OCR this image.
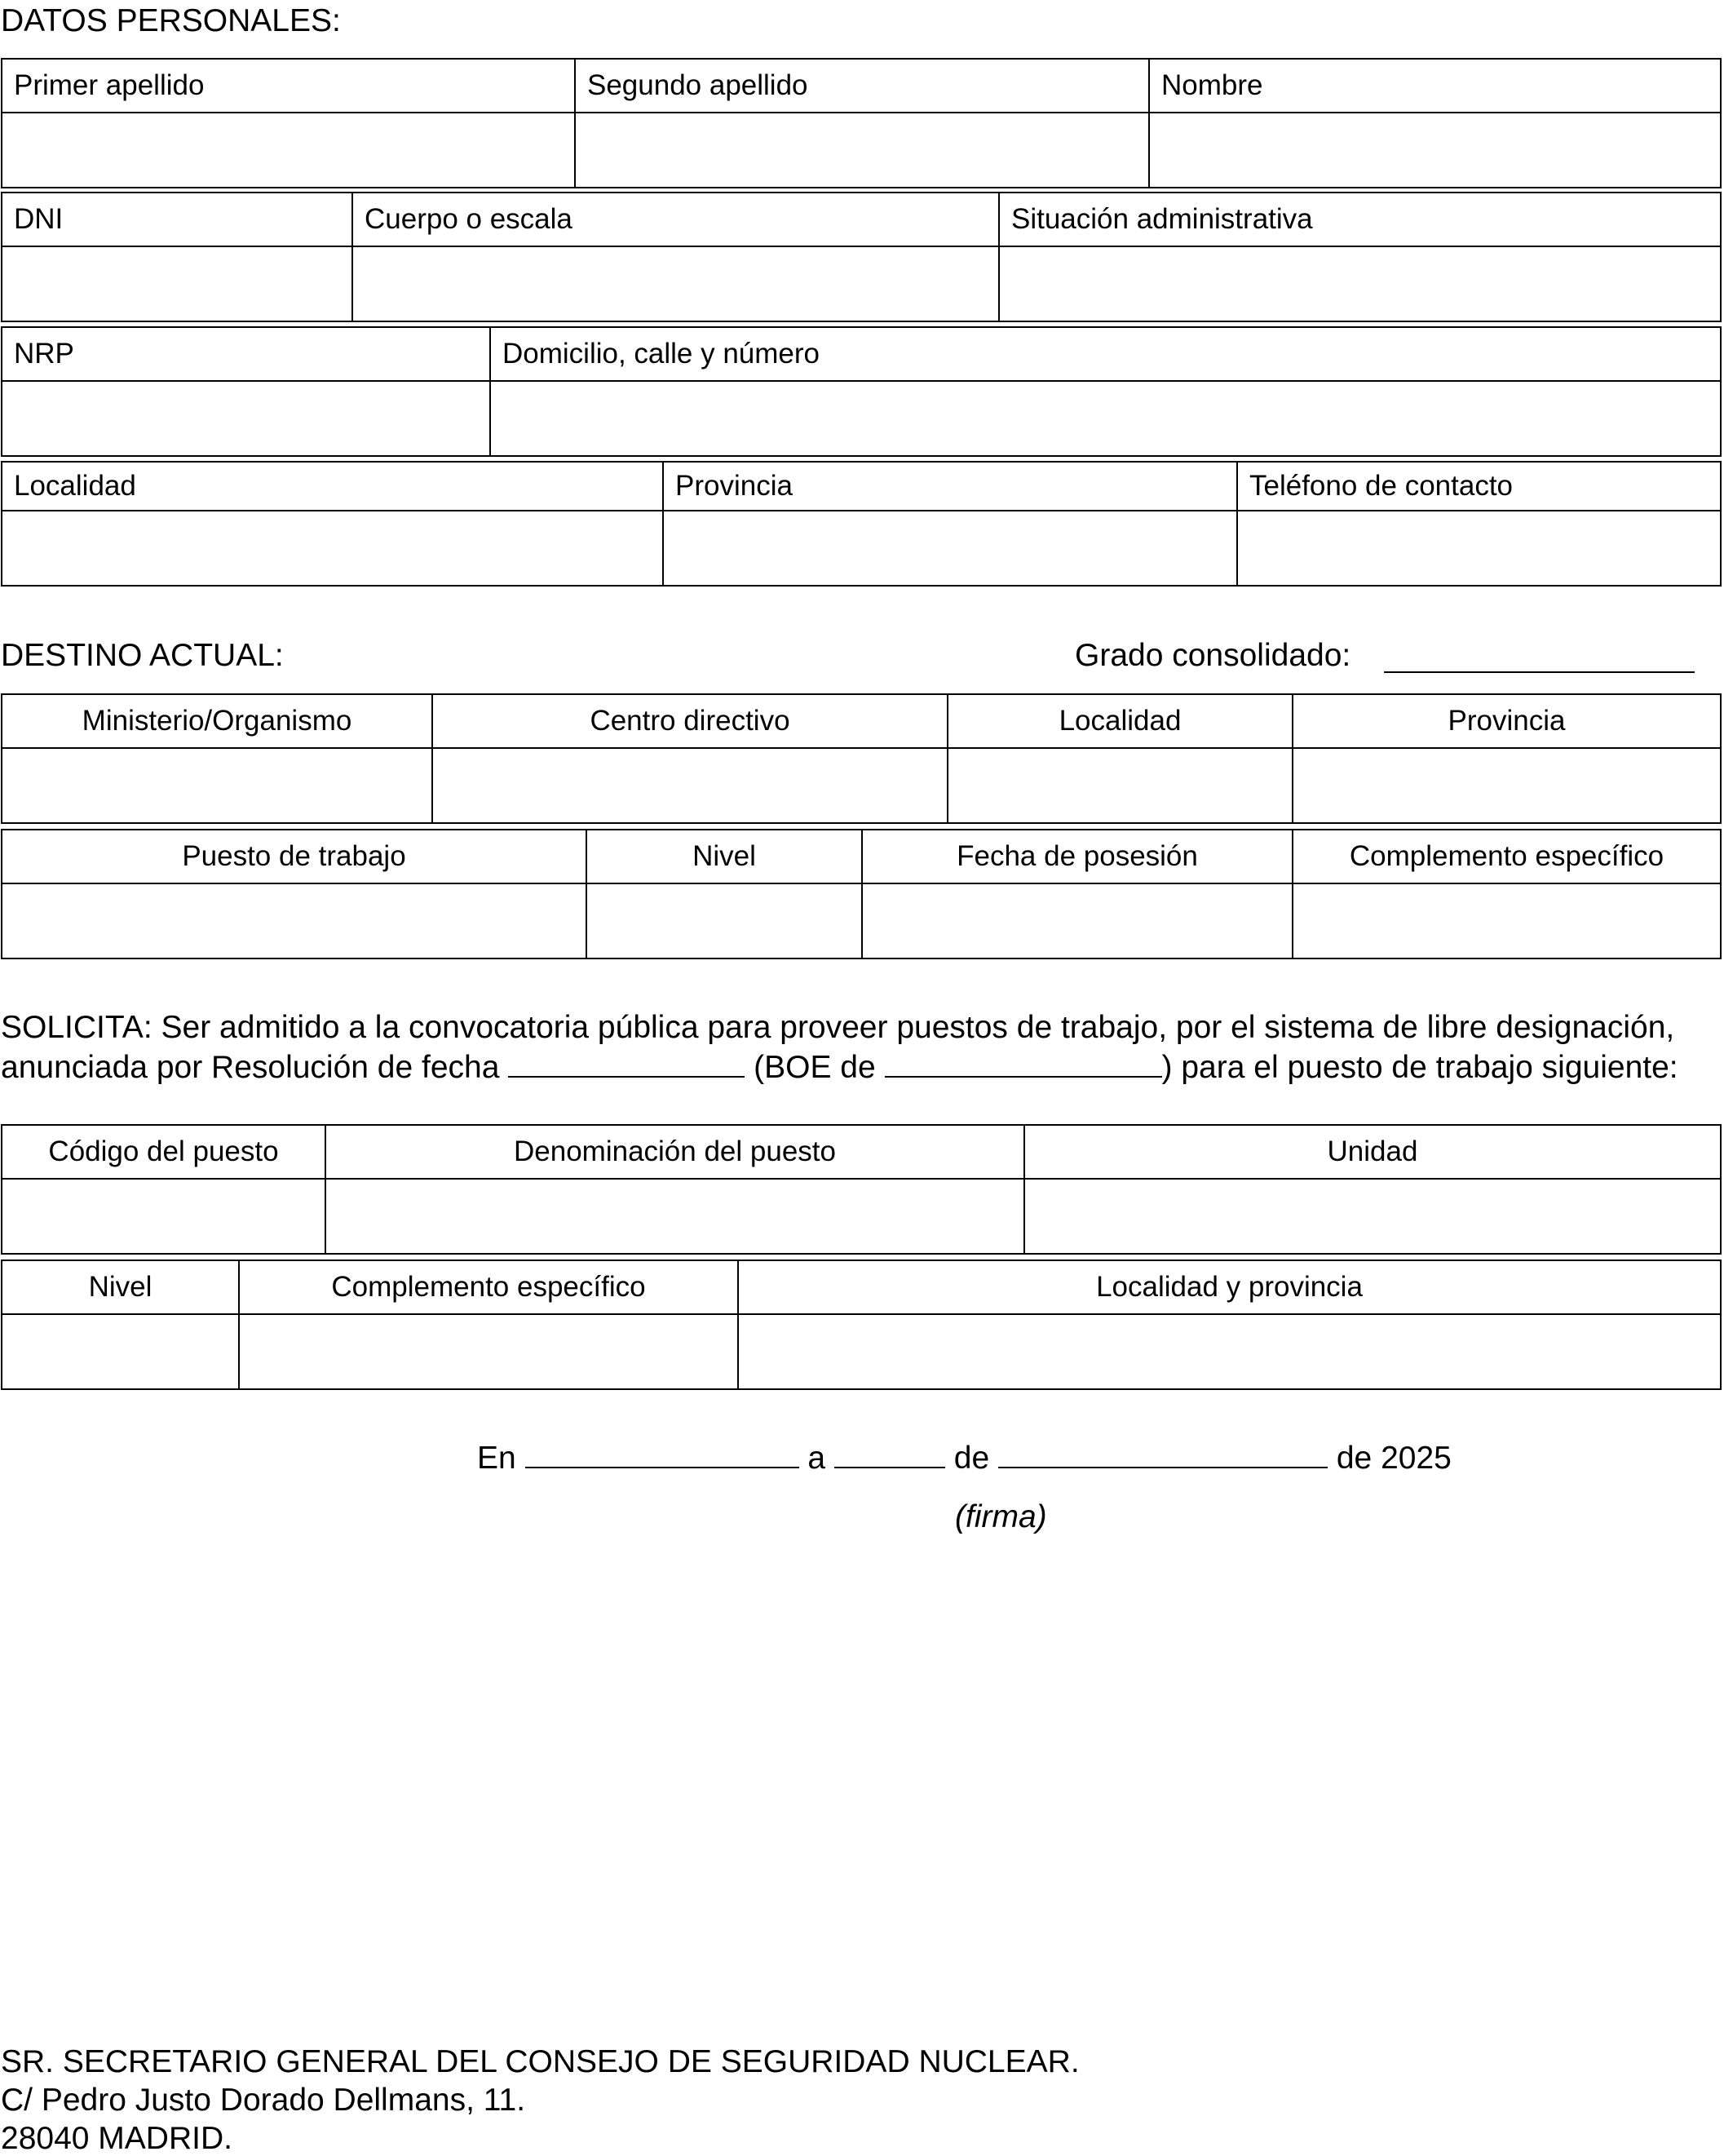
DATOS PERSONALES:
Primer apellido	Segundo apellido	Nombre

DNI	Cuerpo o escala	Situación administrativa

NRP	Domicilio, calle y número

Localidad	Provincia	Teléfono de contacto

DESTINO ACTUAL:	Grado consolidado:
Ministerio/Organismo	Centro directivo	Localidad	Provincia

Puesto de trabajo	Nivel	Fecha de posesión	Complemento específico

SOLICITA: Ser admitido a la convocatoria pública para proveer puestos de trabajo, por el sistema de libre designación,
anunciada por Resolución de fecha	(BOE de	) para el puesto de trabajo siguiente:
Código del puesto	Denominación del puesto	Unidad

Nivel	Complemento específico	Localidad y provincia

En	a	de	de 2025
(firma)
SR. SECRETARIO GENERAL DEL CONSEJO DE SEGURIDAD NUCLEAR.
C/ Pedro Justo Dorado Dellmans, 11.
28040 MADRID.
